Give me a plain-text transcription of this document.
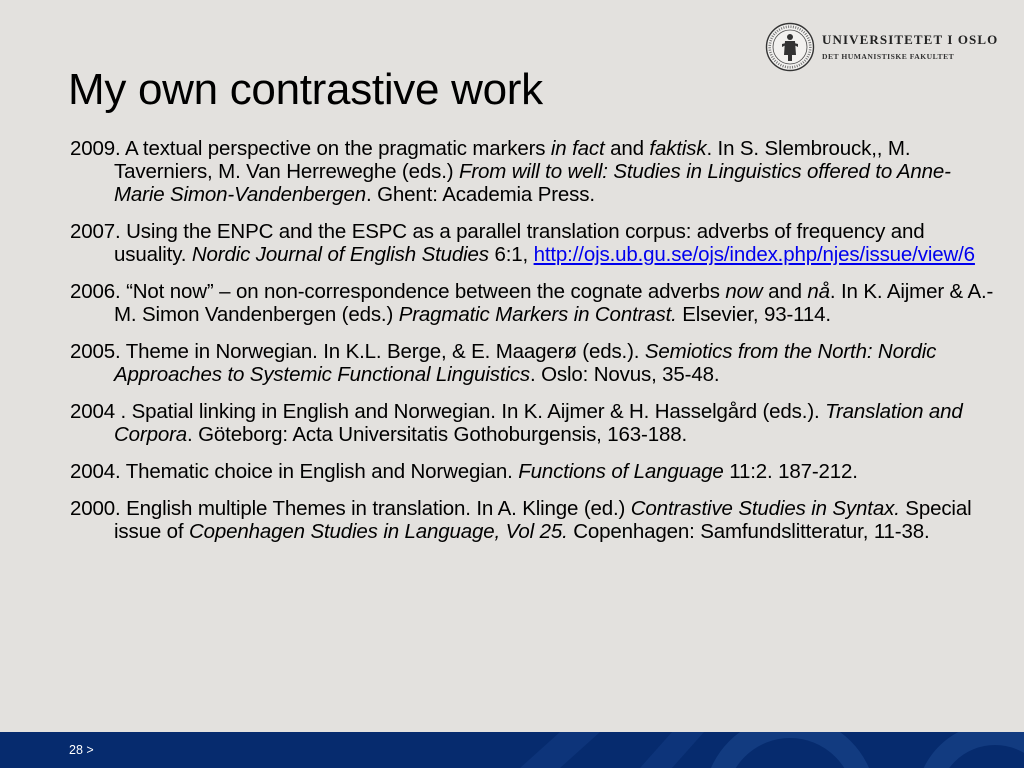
UNIVERSITETET I OSLO
DET HUMANISTISKE FAKULTET
My own contrastive work
2009. A textual perspective on the pragmatic markers in fact and faktisk. In S. Slembrouck,, M. Taverniers, M. Van Herreweghe (eds.) From will to well: Studies in Linguistics offered to Anne-Marie Simon-Vandenbergen. Ghent: Academia Press.
2007. Using the ENPC and the ESPC as a parallel translation corpus: adverbs of frequency and usuality. Nordic Journal of English Studies 6:1, http://ojs.ub.gu.se/ojs/index.php/njes/issue/view/6
2006. “Not now” – on non-correspondence between the cognate adverbs now and nå. In K. Aijmer & A.-M. Simon Vandenbergen (eds.) Pragmatic Markers in Contrast. Elsevier, 93-114.
2005. Theme in Norwegian. In K.L. Berge, & E. Maagerø (eds.). Semiotics from the North: Nordic Approaches to Systemic Functional Linguistics. Oslo: Novus, 35-48.
2004 . Spatial linking in English and Norwegian. In K. Aijmer & H. Hasselgård (eds.). Translation and Corpora. Göteborg: Acta Universitatis Gothoburgensis, 163-188.
2004. Thematic choice in English and Norwegian. Functions of Language 11:2. 187-212.
2000. English multiple Themes in translation. In A. Klinge (ed.) Contrastive Studies in Syntax. Special issue of Copenhagen Studies in Language, Vol 25. Copenhagen: Samfundslitteratur, 11-38.
28 >
